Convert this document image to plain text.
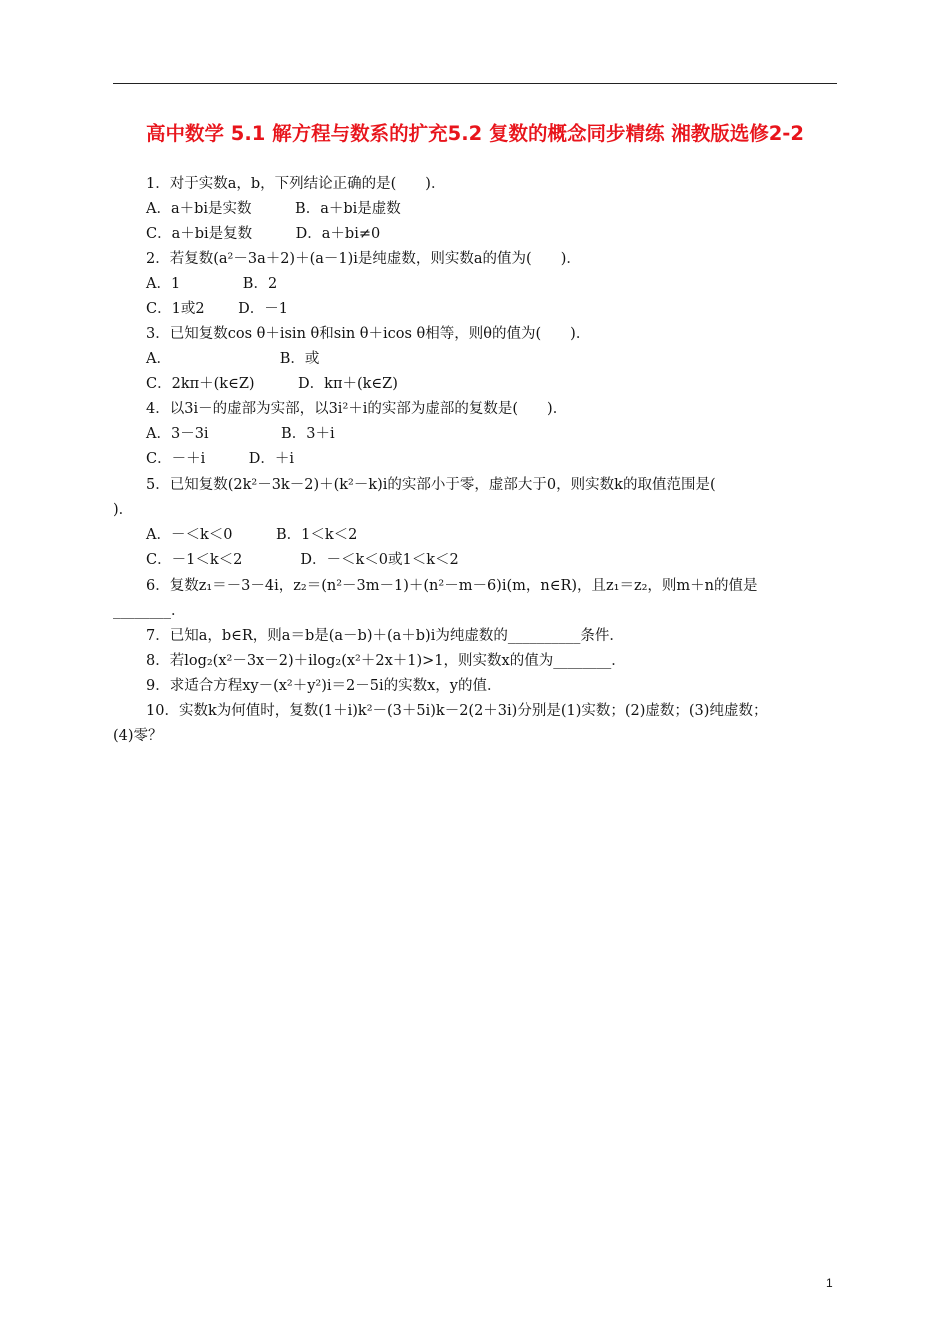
高中数学 5.1 解方程与数系的扩充5.2 复数的概念同步精练 湘教版选修2-2
1．对于实数a，b，下列结论正确的是(　　)．
A．a＋bi是实数　　　B．a＋bi是虚数
C．a＋bi是复数　　　D．a＋bi≠0
2．若复数(a²－3a＋2)＋(a－1)i是纯虚数，则实数a的值为(　　)．
A．1　　　　 B．2
C．1或2　　 D．－1
3．已知复数cos θ＋isin θ和sin θ＋icos θ相等，则θ的值为(　　)．
A．　　　　　　　　B．或
C．2kπ＋(k∈Z)　　　D．kπ＋(k∈Z)
4．以3i－的虚部为实部，以3i²＋i的实部为虚部的复数是(　　)．
A．3－3i　　　　　B．3＋i
C．－＋i　　　D．＋i
5．已知复数(2k²－3k－2)＋(k²－k)i的实部小于零，虚部大于0，则实数k的取值范围是(
)．
A．－＜k＜0　　　B．1＜k＜2
C．－1＜k＜2　　　　D．－＜k＜0或1＜k＜2
6．复数z₁＝－3－4i，z₂＝(n²－3m－1)＋(n²－m－6)i(m，n∈R)，且z₁＝z₂，则m＋n的值是
________．
7．已知a，b∈R，则a＝b是(a－b)＋(a＋b)i为纯虚数的__________条件．
8．若log₂(x²－3x－2)＋ilog₂(x²＋2x＋1)>1，则实数x的值为________．
9．求适合方程xy－(x²＋y²)i＝2－5i的实数x，y的值．
10．实数k为何值时，复数(1＋i)k²－(3＋5i)k－2(2＋3i)分别是(1)实数；(2)虚数；(3)纯虚数；
(4)零？
1
